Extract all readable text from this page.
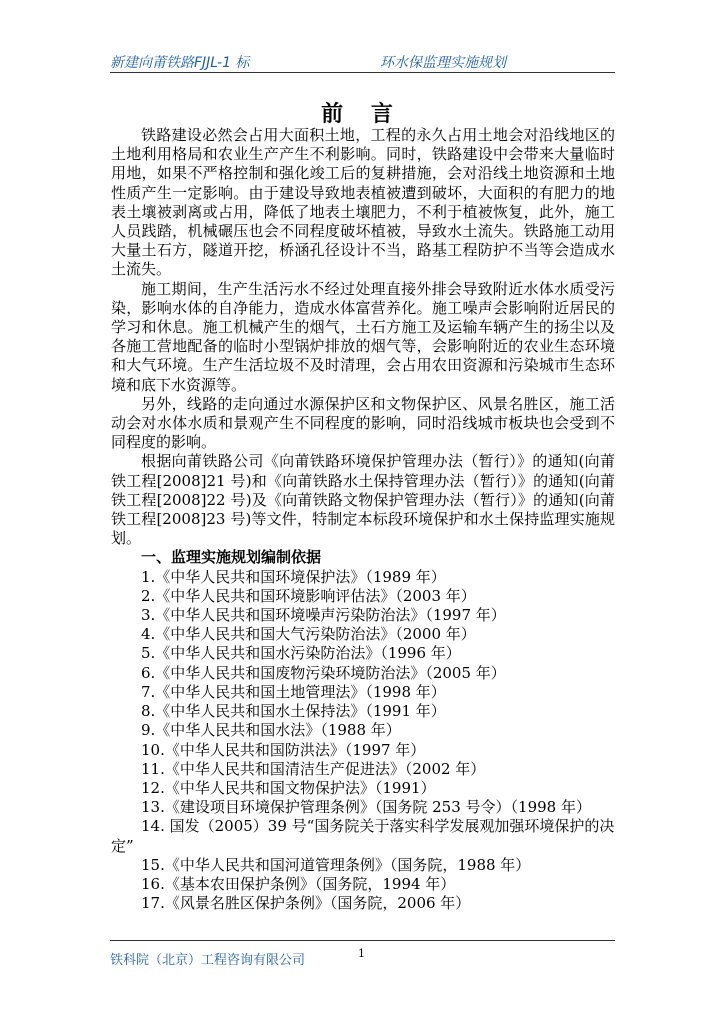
新建向莆铁路FJJL-1 标	环水保监理实施规划
前 言

铁路建设必然会占用大面积土地，工程的永久占用土地会对沿线地区的土地利用格局和农业生产产生不利影响。同时，铁路建设中会带来大量临时用地，如果不严格控制和强化竣工后的复耕措施，会对沿线土地资源和土地性质产生一定影响。由于建设导致地表植被遭到破坏，大面积的有肥力的地表土壤被剥离或占用，降低了地表土壤肥力，不利于植被恢复，此外，施工人员践踏，机械碾压也会不同程度破坏植被，导致水土流失。铁路施工动用大量土石方，隧道开挖，桥涵孔径设计不当，路基工程防护不当等会造成水土流失。

施工期间，生产生活污水不经过处理直接外排会导致附近水体水质受污染，影响水体的自净能力，造成水体富营养化。施工噪声会影响附近居民的学习和休息。施工机械产生的烟气，土石方施工及运输车辆产生的扬尘以及各施工营地配备的临时小型锅炉排放的烟气等，会影响附近的农业生态环境和大气环境。生产生活垃圾不及时清理，会占用农田资源和污染城市生态环境和底下水资源等。

另外，线路的走向通过水源保护区和文物保护区、风景名胜区，施工活动会对水体水质和景观产生不同程度的影响，同时沿线城市板块也会受到不同程度的影响。

根据向莆铁路公司《向莆铁路环境保护管理办法（暂行）》的通知(向莆铁工程[2008]21 号)和《向莆铁路水土保持管理办法（暂行）》的通知(向莆铁工程[2008]22 号)及《向莆铁路文物保护管理办法（暂行）》的通知(向莆铁工程[2008]23 号)等文件，特制定本标段环境保护和水土保持监理实施规划。

一、监理实施规划编制依据

1.《中华人民共和国环境保护法》（1989 年）
2.《中华人民共和国环境影响评估法》（2003 年）
3.《中华人民共和国环境噪声污染防治法》（1997 年）
4.《中华人民共和国大气污染防治法》（2000 年）
5.《中华人民共和国水污染防治法》（1996 年）
6.《中华人民共和国废物污染环境防治法》（2005 年）
7.《中华人民共和国土地管理法》（1998 年）
8.《中华人民共和国水土保持法》（1991 年）
9.《中华人民共和国水法》（1988 年）
10.《中华人民共和国防洪法》（1997 年）
11.《中华人民共和国清洁生产促进法》（2002 年）
12.《中华人民共和国文物保护法》（1991）
13.《建设项目环境保护管理条例》（国务院 253 号令）（1998 年）
14. 国发（2005）39 号“国务院关于落实科学发展观加强环境保护的决定”
15.《中华人民共和国河道管理条例》（国务院，1988 年）
16.《基本农田保护条例》（国务院，1994 年）
17.《风景名胜区保护条例》（国务院，2006 年）
铁科院（北京）工程咨询有限公司	1
